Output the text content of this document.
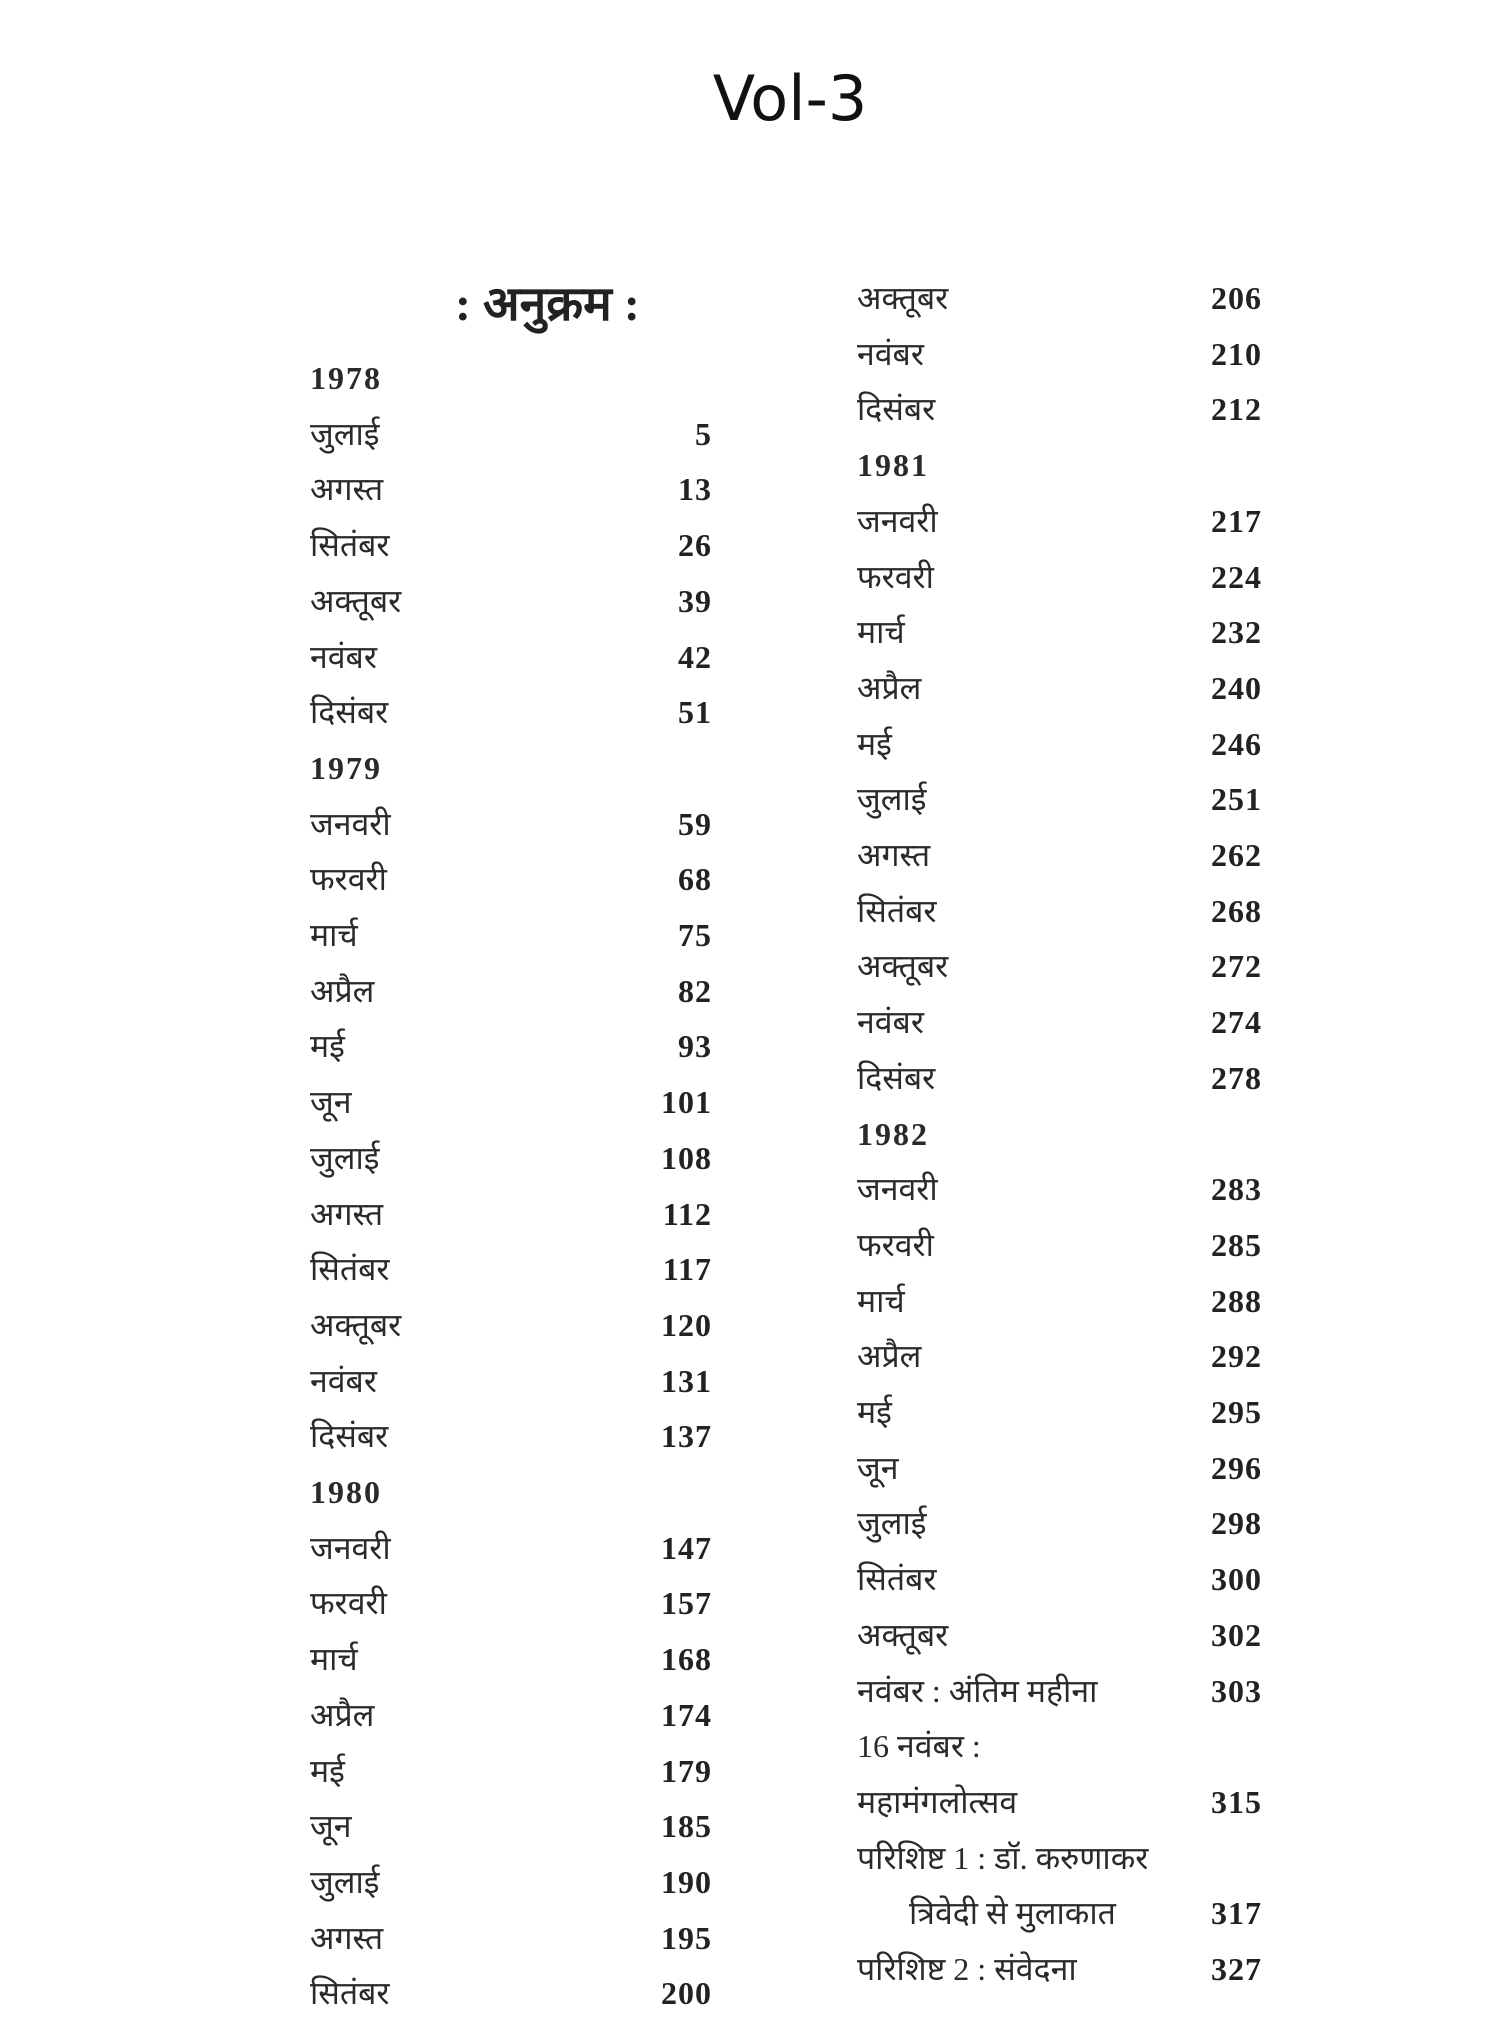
Vol-3
: अनुक्रम :
1978
जुलाई	5
अगस्त	13
सितंबर	26
अक्तूबर	39
नवंबर	42
दिसंबर	51
1979
जनवरी	59
फरवरी	68
मार्च	75
अप्रैल	82
मई	93
जून	101
जुलाई	108
अगस्त	112
सितंबर	117
अक्तूबर	120
नवंबर	131
दिसंबर	137
1980
जनवरी	147
फरवरी	157
मार्च	168
अप्रैल	174
मई	179
जून	185
जुलाई	190
अगस्त	195
सितंबर	200
अक्तूबर	206
नवंबर	210
दिसंबर	212
1981
जनवरी	217
फरवरी	224
मार्च	232
अप्रैल	240
मई	246
जुलाई	251
अगस्त	262
सितंबर	268
अक्तूबर	272
नवंबर	274
दिसंबर	278
1982
जनवरी	283
फरवरी	285
मार्च	288
अप्रैल	292
मई	295
जून	296
जुलाई	298
सितंबर	300
अक्तूबर	302
नवंबर : अंतिम महीना	303
16 नवंबर :
महामंगलोत्सव	315
परिशिष्ट 1 : डॉ. करुणाकर
त्रिवेदी से मुलाकात	317
परिशिष्ट 2 : संवेदना	327
